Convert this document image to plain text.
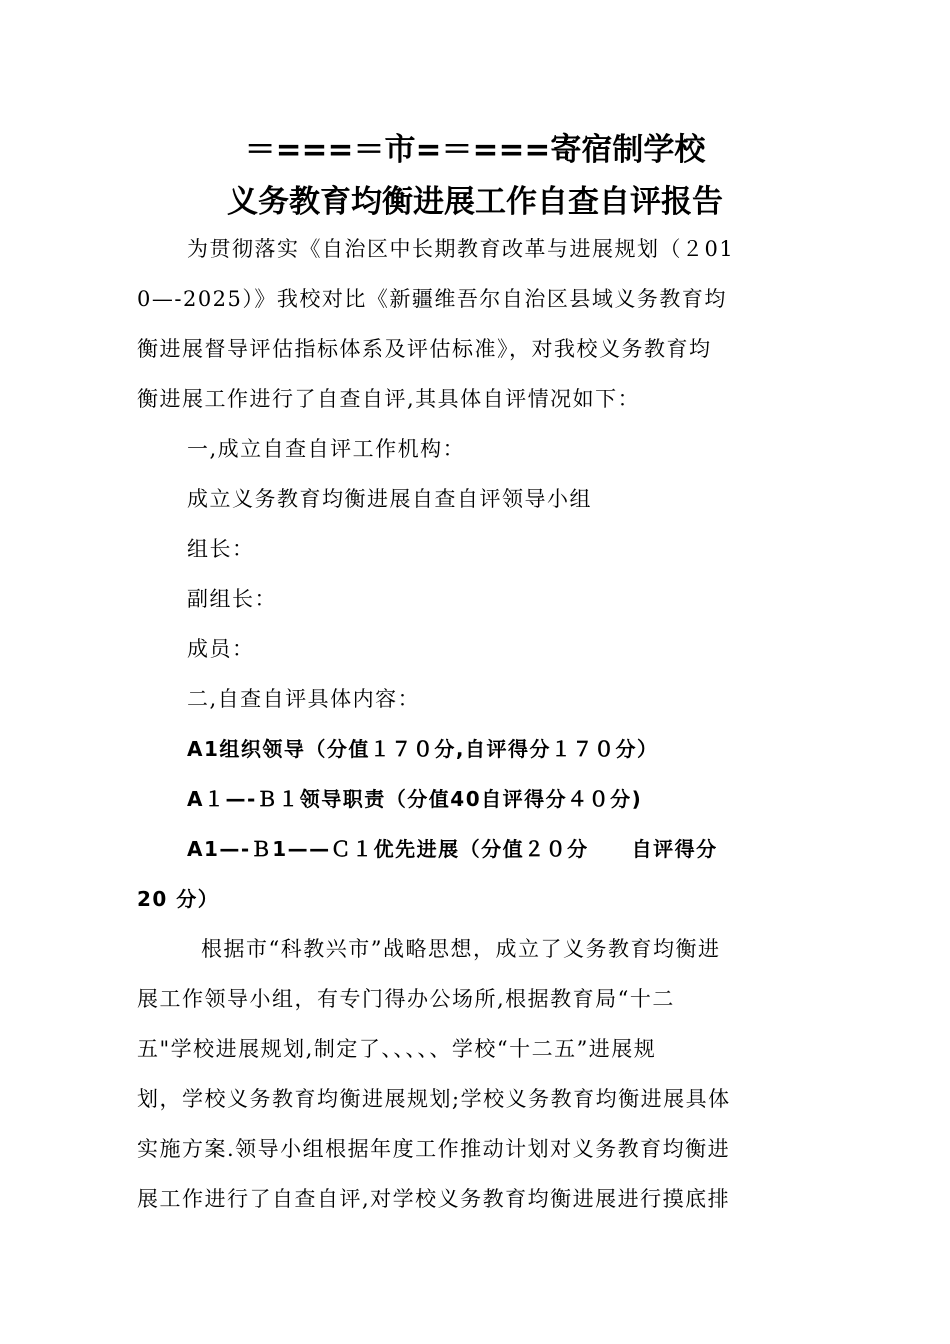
＝===＝市=＝===寄宿制学校
义务教育均衡进展工作自查自评报告
为贯彻落实《自治区中长期教育改革与进展规划（２01
0—-2025）》我校对比《新疆维吾尔自治区县域义务教育均
衡进展督导评估指标体系及评估标准》，对我校义务教育均
衡进展工作进行了自查自评,其具体自评情况如下：
一,成立自查自评工作机构：
成立义务教育均衡进展自查自评领导小组
组长：
副组长：
成员：
二,自查自评具体内容：
A1组织领导（分值１７０分,自评得分１７０分）
A１—-Ｂ１领导职责（分值40自评得分４０分)
A1—-Ｂ1——Ｃ１优先进展（分值２０分　　自评得分
20 分）
根据市“科教兴市”战略思想，成立了义务教育均衡进
展工作领导小组，有专门得办公场所,根据教育局“十二
五"学校进展规划,制定了、、、、、学校“十二五”进展规
划，学校义务教育均衡进展规划;学校义务教育均衡进展具体
实施方案.领导小组根据年度工作推动计划对义务教育均衡进
展工作进行了自查自评,对学校义务教育均衡进展进行摸底排
